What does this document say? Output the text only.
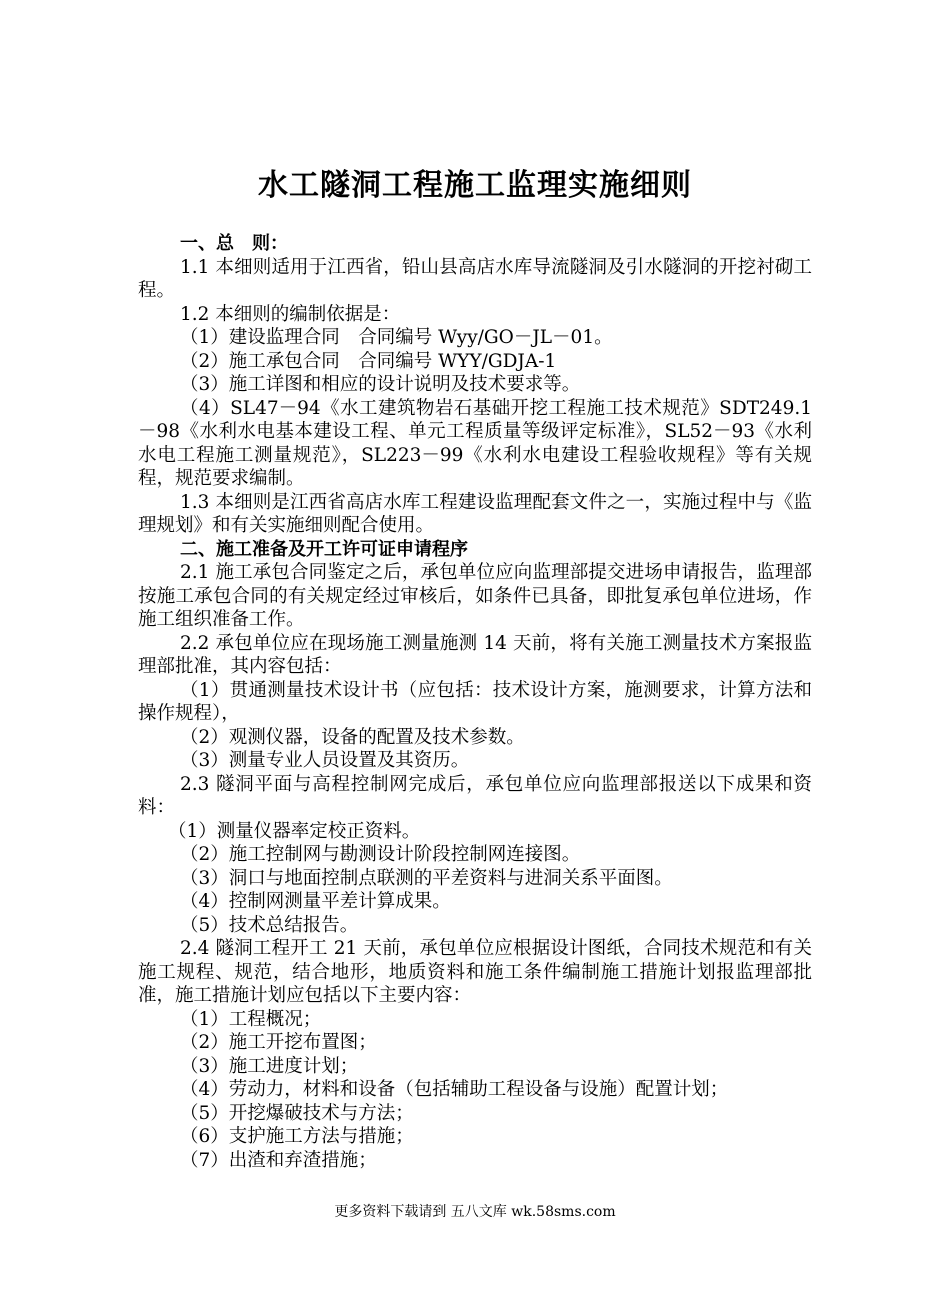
水工隧洞工程施工监理实施细则

一、总　则：

1.1 本细则适用于江西省，铅山县高店水库导流隧洞及引水隧洞的开挖衬砌工程。

1.2 本细则的编制依据是：

（1）建设监理合同　合同编号 Wyy/GO－JL－01。

（2）施工承包合同　合同编号 WYY/GDJA-1

（3）施工详图和相应的设计说明及技术要求等。

（4）SL47－94《水工建筑物岩石基础开挖工程施工技术规范》SDT249.1－98《水利水电基本建设工程、单元工程质量等级评定标准》，SL52－93《水利水电工程施工测量规范》，SL223－99《水利水电建设工程验收规程》等有关规程，规范要求编制。

1.3 本细则是江西省高店水库工程建设监理配套文件之一，实施过程中与《监理规划》和有关实施细则配合使用。

二、施工准备及开工许可证申请程序

2.1 施工承包合同鉴定之后，承包单位应向监理部提交进场申请报告，监理部按施工承包合同的有关规定经过审核后，如条件已具备，即批复承包单位进场，作施工组织准备工作。

2.2 承包单位应在现场施工测量施测 14 天前，将有关施工测量技术方案报监理部批准，其内容包括：

（1）贯通测量技术设计书（应包括：技术设计方案，施测要求，计算方法和操作规程），

（2）观测仪器，设备的配置及技术参数。

（3）测量专业人员设置及其资历。

2.3 隧洞平面与高程控制网完成后，承包单位应向监理部报送以下成果和资料：

（1）测量仪器率定校正资料。

（2）施工控制网与勘测设计阶段控制网连接图。

（3）洞口与地面控制点联测的平差资料与进洞关系平面图。

（4）控制网测量平差计算成果。

（5）技术总结报告。

2.4 隧洞工程开工 21 天前，承包单位应根据设计图纸，合同技术规范和有关施工规程、规范，结合地形，地质资料和施工条件编制施工措施计划报监理部批准，施工措施计划应包括以下主要内容：

（1）工程概况；

（2）施工开挖布置图；

（3）施工进度计划；

（4）劳动力，材料和设备（包括辅助工程设备与设施）配置计划；

（5）开挖爆破技术与方法；

（6）支护施工方法与措施；

（7）出渣和弃渣措施；

更多资料下载请到 五八文库 wk.58sms.com
